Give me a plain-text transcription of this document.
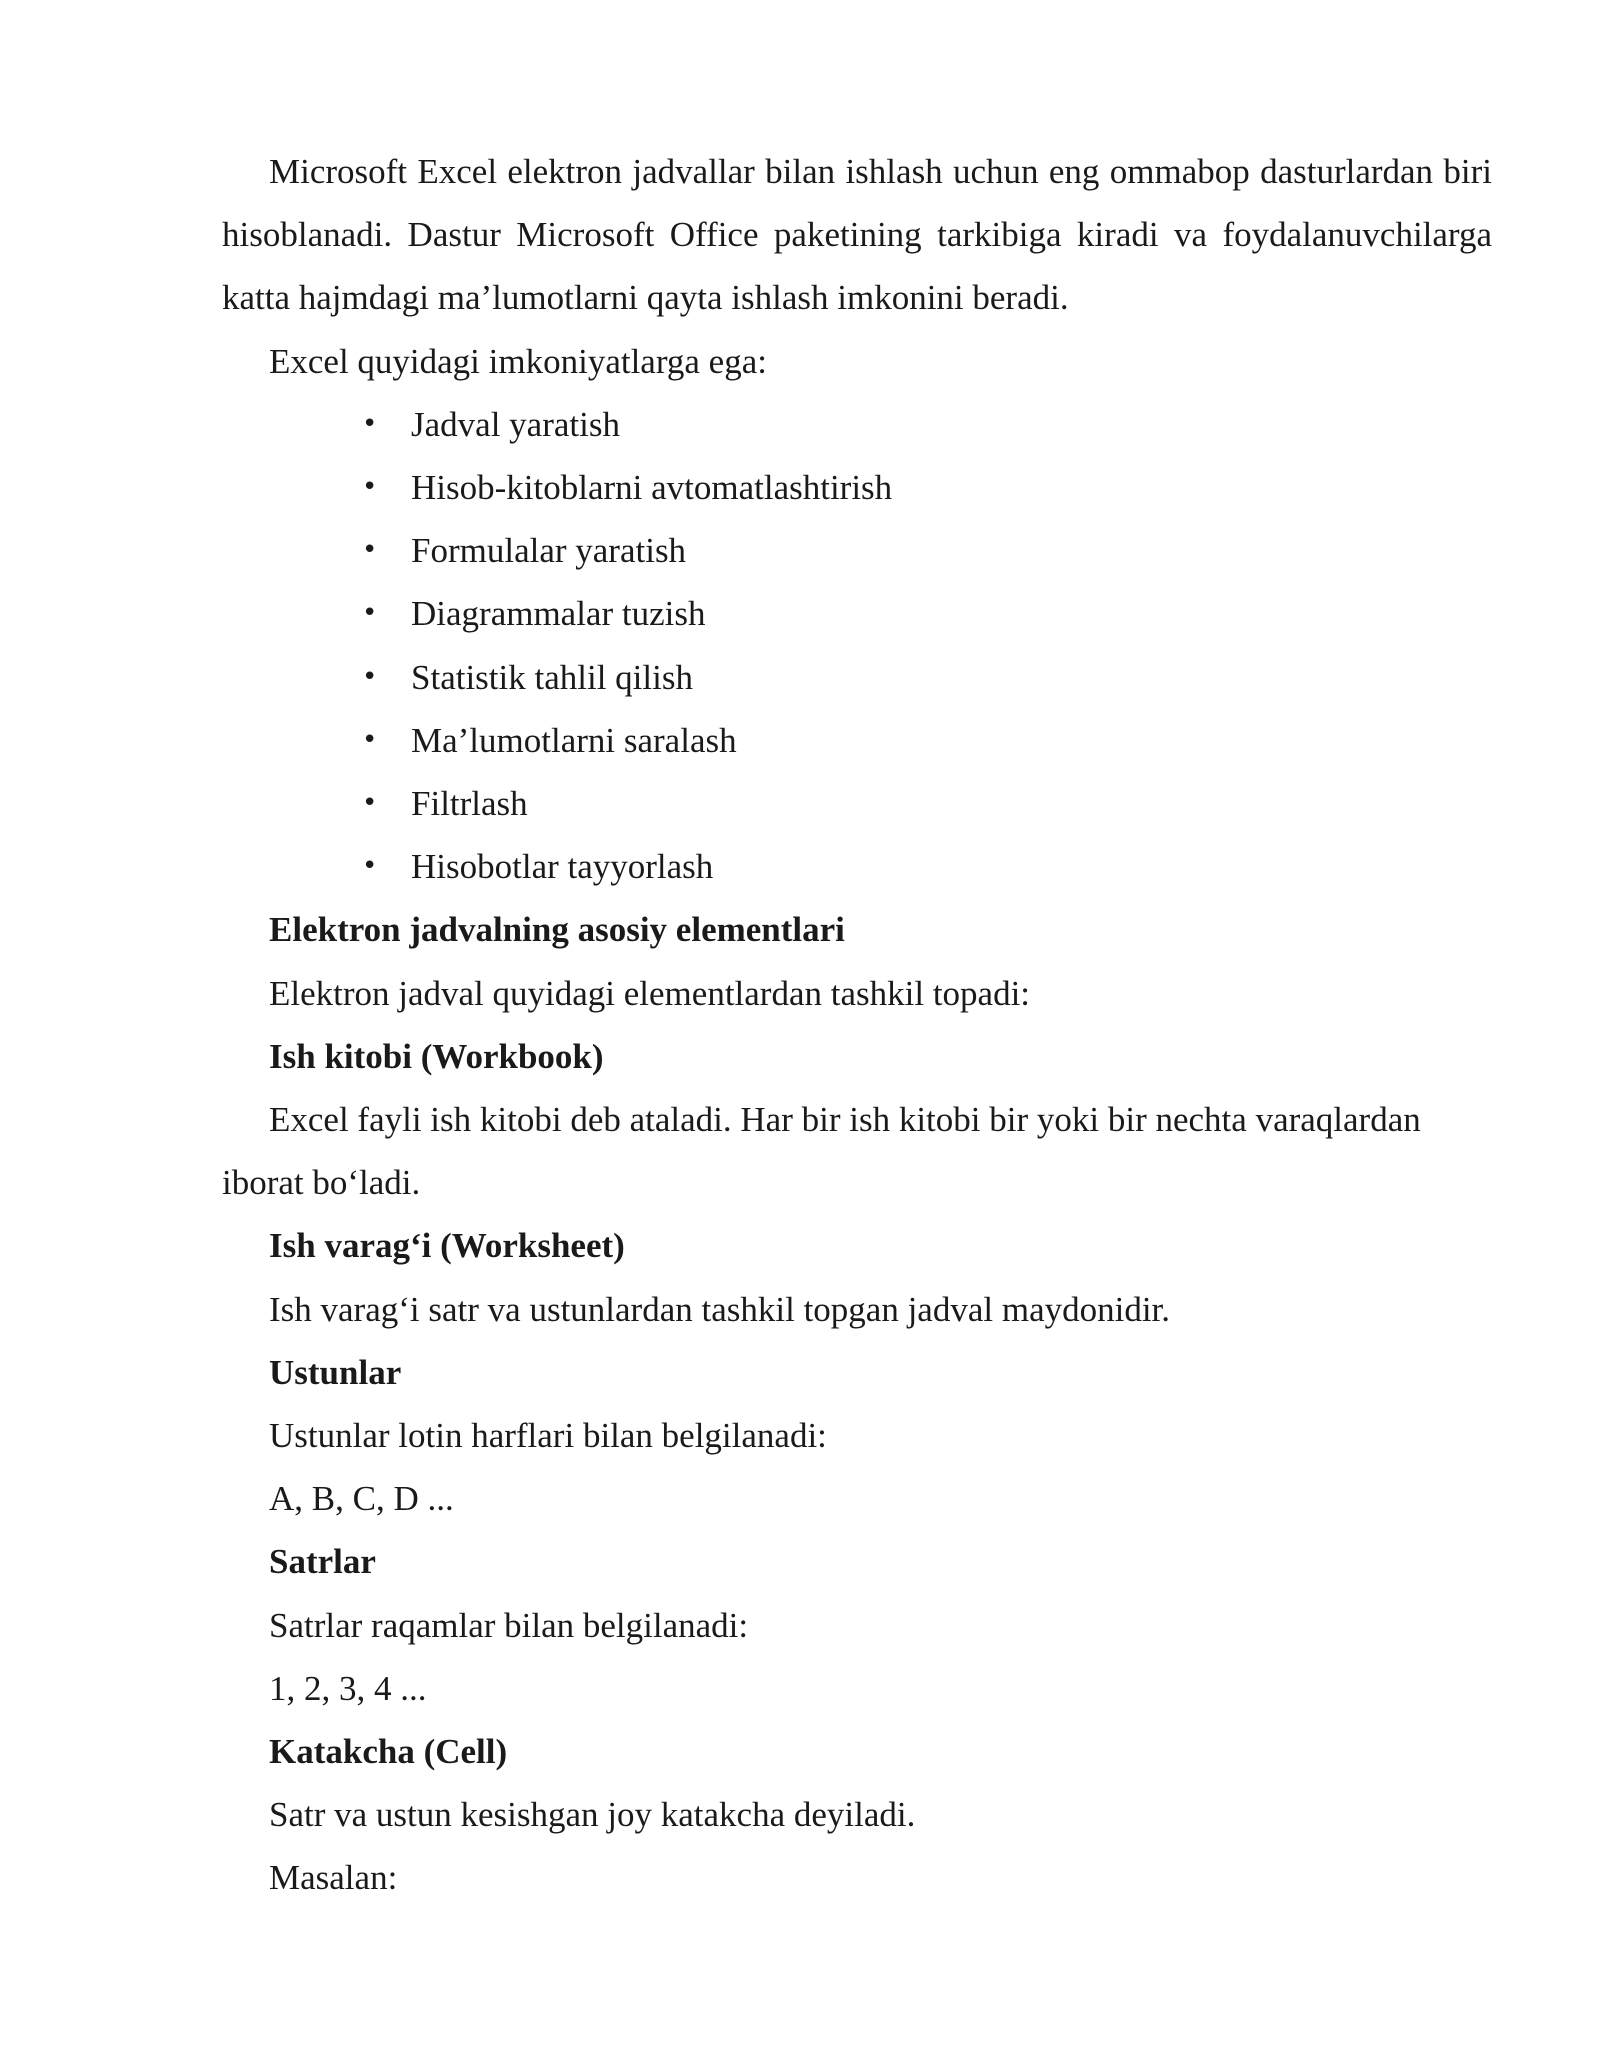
Microsoft Excel elektron jadvallar bilan ishlash uchun eng ommabop dasturlardan biri hisoblanadi. Dastur Microsoft Office paketining tarkibiga kiradi va foydalanuvchilarga katta hajmdagi ma’lumotlarni qayta ishlash imkonini beradi.

Excel quyidagi imkoniyatlarga ega:

• Jadval yaratish
• Hisob-kitoblarni avtomatlashtirish
• Formulalar yaratish
• Diagrammalar tuzish
• Statistik tahlil qilish
• Ma’lumotlarni saralash
• Filtrlash
• Hisobotlar tayyorlash

Elektron jadvalning asosiy elementlari

Elektron jadval quyidagi elementlardan tashkil topadi:

Ish kitobi (Workbook)

Excel fayli ish kitobi deb ataladi. Har bir ish kitobi bir yoki bir nechta varaqlardan iborat bo‘ladi.

Ish varag‘i (Worksheet)

Ish varag‘i satr va ustunlardan tashkil topgan jadval maydonidir.

Ustunlar

Ustunlar lotin harflari bilan belgilanadi:

A, B, C, D ...

Satrlar

Satrlar raqamlar bilan belgilanadi:

1, 2, 3, 4 ...

Katakcha (Cell)

Satr va ustun kesishgan joy katakcha deyiladi.

Masalan:
